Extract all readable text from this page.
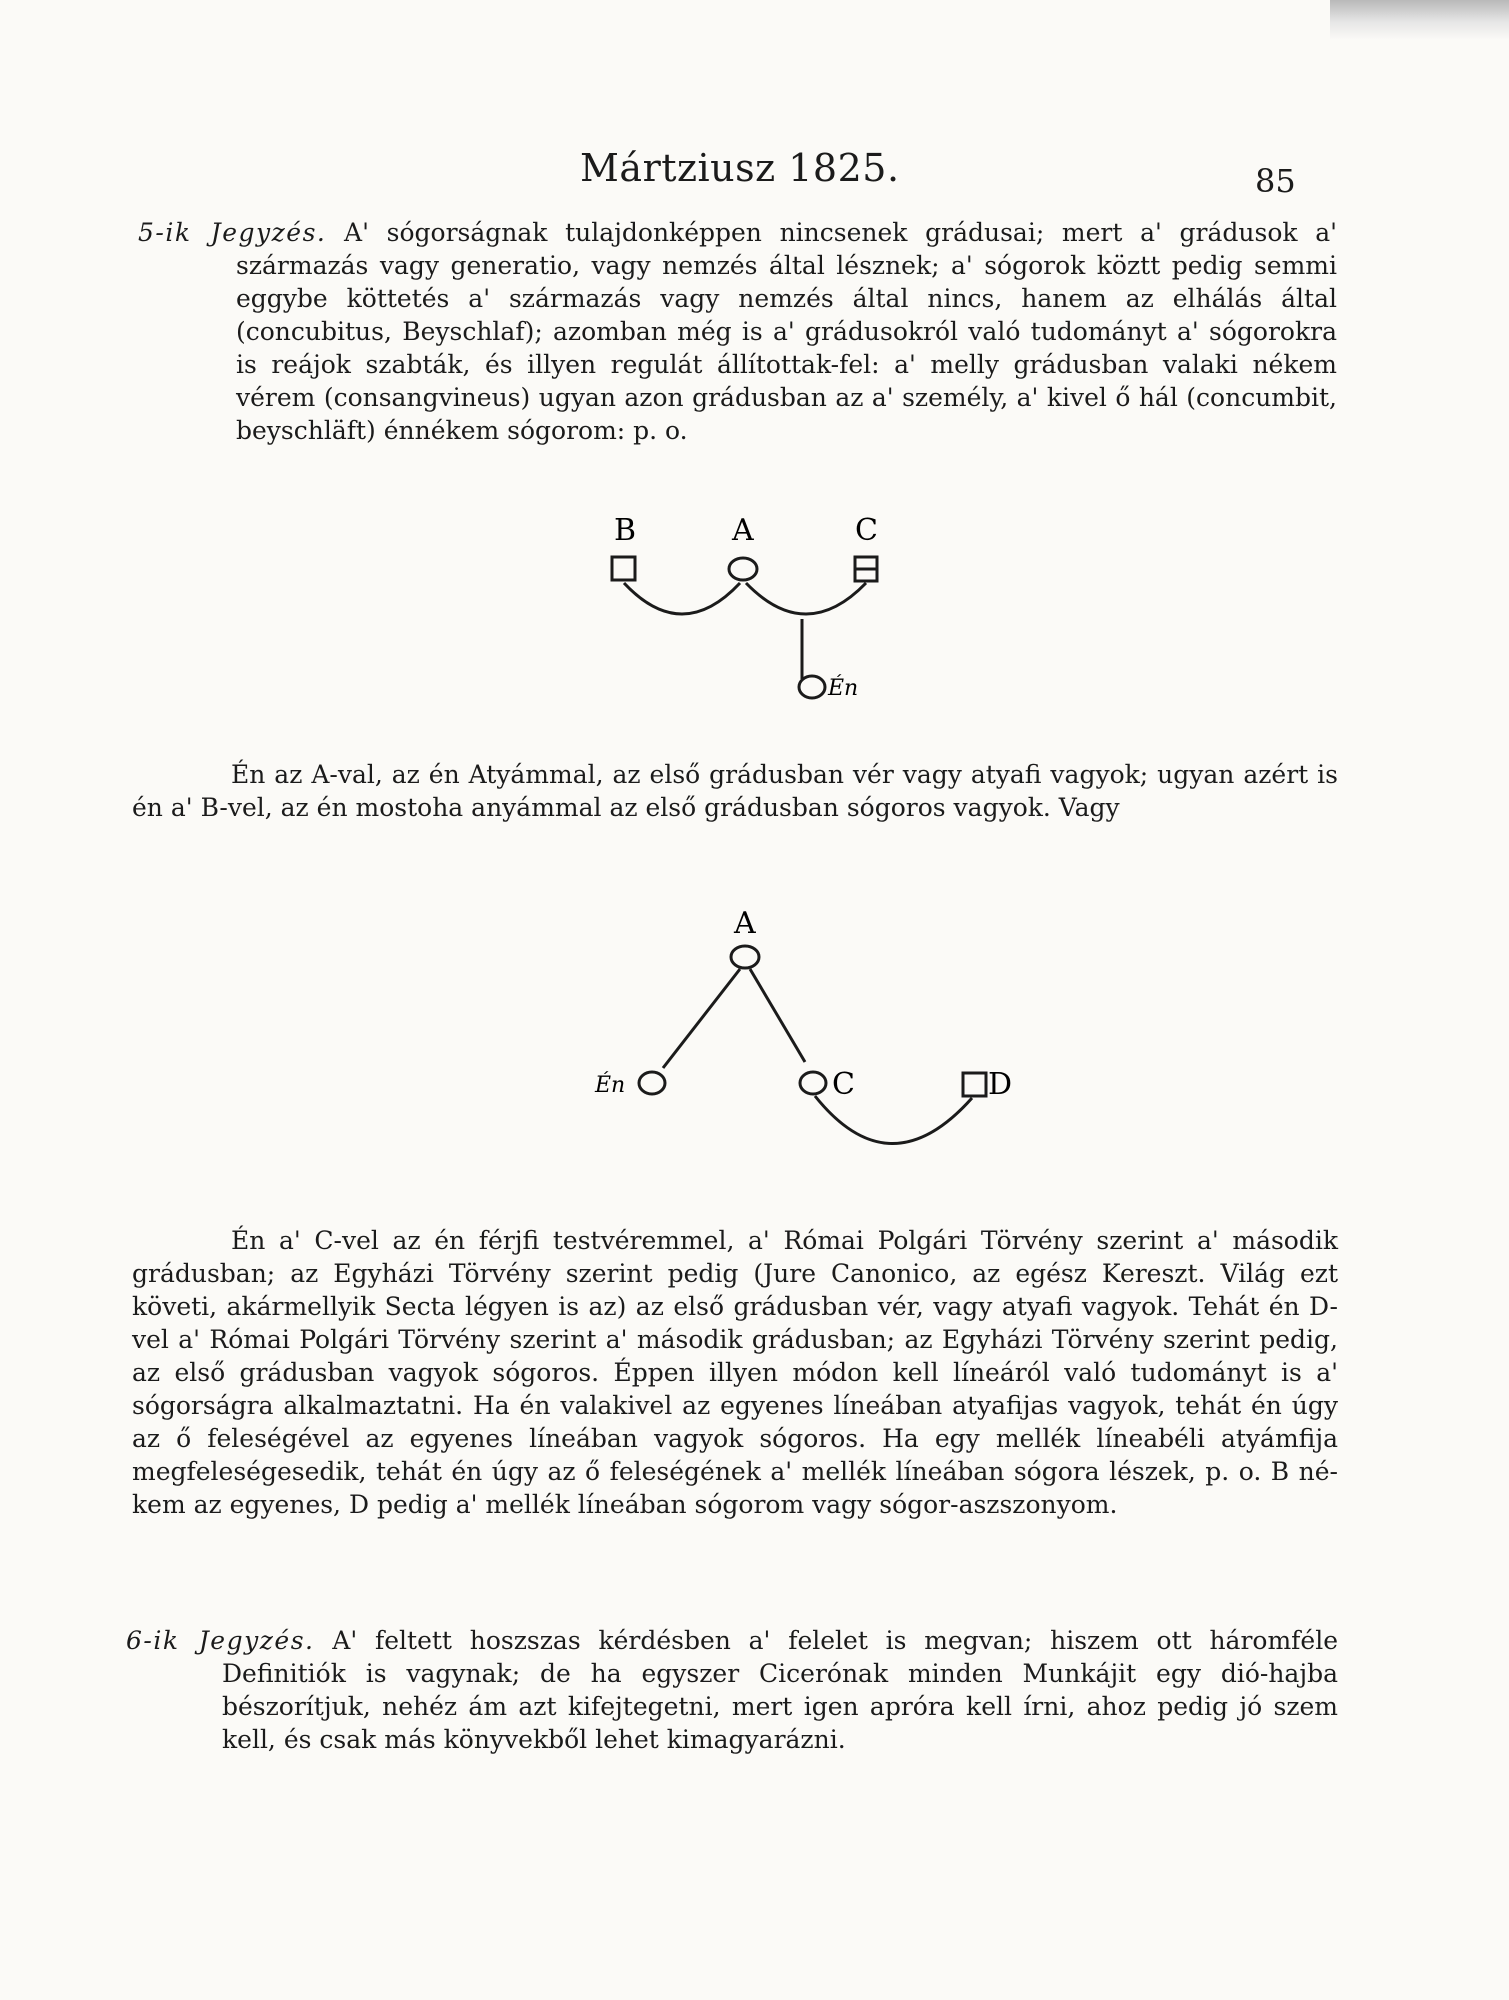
Mártziusz 1825.	85

5-ik Jegyzés. A' sógorságnak tulajdonképpen nincsenek grádusai; mert a' grádusok a' származás vagy generatio, vagy nemzés által lésznek; a' sógorok köztt pedig semmi eggybe köttetés a' származás vagy nemzés által nincs, hanem az elhálás által (concubitus, Beyschlaf); azomban még is a' grádusokról való tudományt a' sógorokra is reájok szabták, és illyen regulát állítottak-fel: a' melly grádusban valaki nékem vérem (consangvineus) ugyan azon grádusban az a' személy, a' kivel ő hál (concumbit, beyschläft) énnékem sógorom: p. o.

B	A	C
Én

Én az A-val, az én Atyámmal, az első grádusban vér vagy atyafi vagyok; ugyan azért is én a' B-vel, az én mostoha anyámmal az első grádusban sógoros vagyok. Vagy

A
Én	C	D

Én a' C-vel az én férjfi testvéremmel, a' Római Polgári Törvény szerint a' második grádusban; az Egyházi Törvény szerint pedig (Jure Canonico, az egész Kereszt. Világ ezt követi, akármellyik Secta légyen is az) az első grádusban vér, vagy atyafi vagyok. Tehát én D-vel a' Római Polgári Törvény szerint a' második grádusban; az Egyházi Törvény szerint pedig, az első grádusban vagyok sógoros. Éppen illyen módon kell líneáról való tudományt is a' sógorságra alkalmaztatni. Ha én valakivel az egyenes líneában atyafijas vagyok, tehát én úgy az ő feleségével az egyenes líneában vagyok sógoros. Ha egy mellék líneabéli atyámfija megfeleségesedik, tehát én úgy az ő feleségének a' mellék líneában sógora lészek, p. o. B né-kem az egyenes, D pedig a' mellék líneában sógorom vagy sógor-aszszonyom.

6-ik Jegyzés. A' feltett hoszszas kérdésben a' felelet is megvan; hiszem ott háromféle Definitiók is vagynak; de ha egyszer Cicerónak minden Munkájit egy dió-hajba bészorítjuk, nehéz ám azt kifejtegetni, mert igen apróra kell írni, ahoz pedig jó szem kell, és csak más könyvekből lehet kimagyarázni.
